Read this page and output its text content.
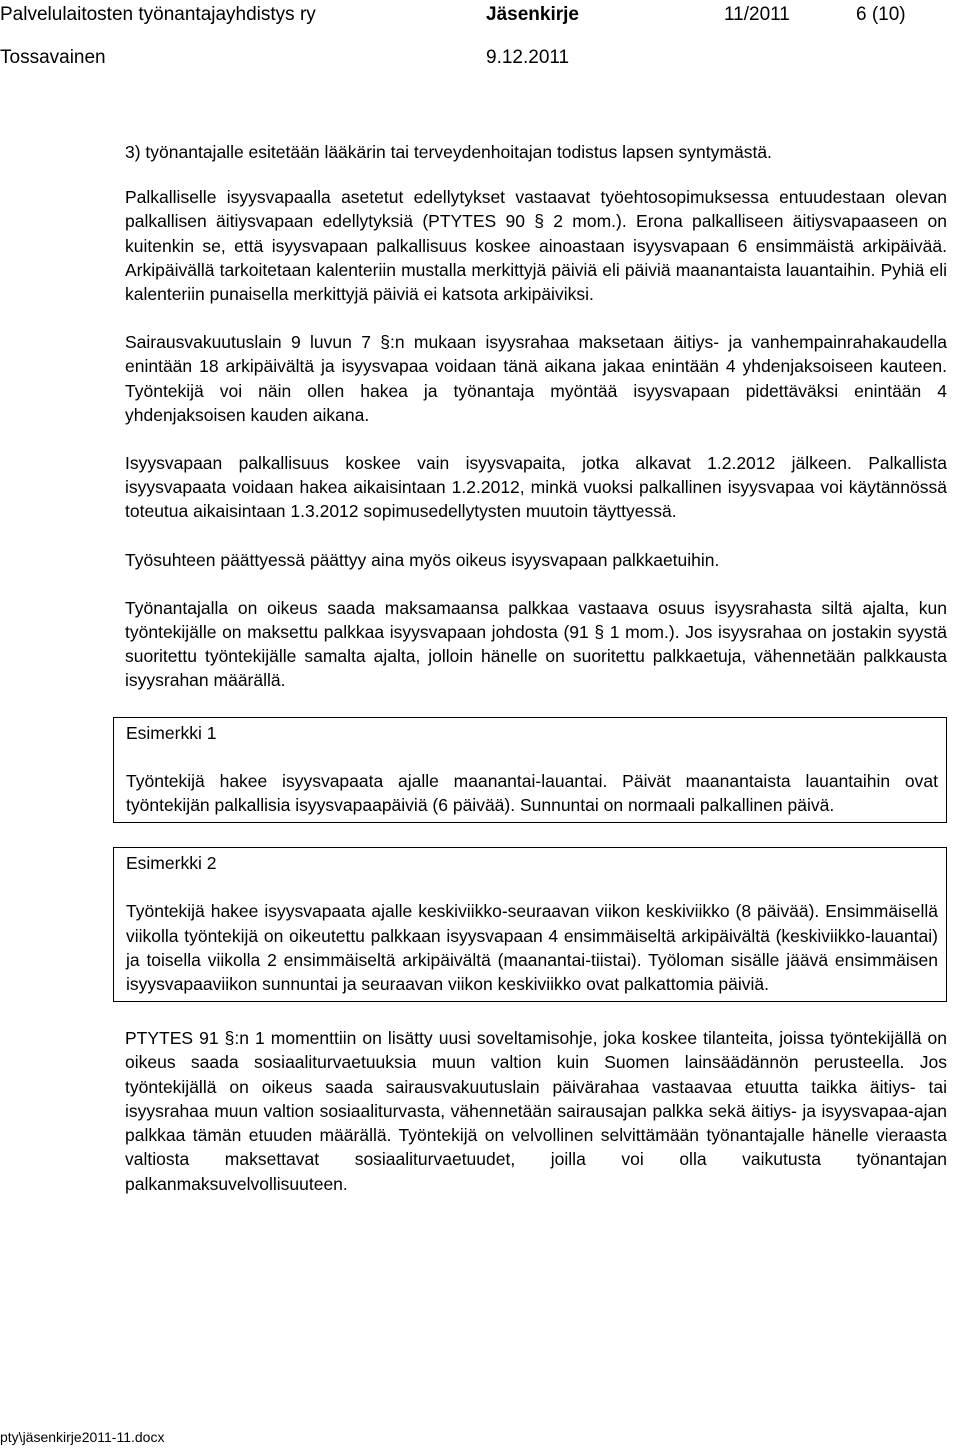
Palvelulaitosten työnantajayhdistys ry	Jäsenkirje	11/2011	6 (10)
Tossavainen	9.12.2011

3) työnantajalle esitetään lääkärin tai terveydenhoitajan todistus lapsen syntymästä.

Palkalliselle isyysvapaalla asetetut edellytykset vastaavat työehtosopimuksessa entuudestaan olevan palkallisen äitiysvapaan edellytyksiä (PTYTES 90 § 2 mom.). Erona palkalliseen äitiysvapaaseen on kuitenkin se, että isyysvapaan palkallisuus koskee ainoastaan isyysvapaan 6 ensimmäistä arkipäivää. Arkipäivällä tarkoitetaan kalenteriin mustalla merkittyjä päiviä eli päiviä maanantaista lauantaihin. Pyhiä eli kalenteriin punaisella merkittyjä päiviä ei katsota arkipäiviksi.

Sairausvakuutuslain 9 luvun 7 §:n mukaan isyysrahaa maksetaan äitiys- ja vanhempainrahakaudella enintään 18 arkipäivältä ja isyysvapaa voidaan tänä aikana jakaa enintään 4 yhdenjaksoiseen kauteen. Työntekijä voi näin ollen hakea ja työnantaja myöntää isyysvapaan pidettäväksi enintään 4 yhdenjaksoisen kauden aikana.

Isyysvapaan palkallisuus koskee vain isyysvapaita, jotka alkavat 1.2.2012 jälkeen. Palkallista isyysvapaata voidaan hakea aikaisintaan 1.2.2012, minkä vuoksi palkallinen isyysvapaa voi käytännössä toteutua aikaisintaan 1.3.2012 sopimusedellytysten muutoin täyttyessä.

Työsuhteen päättyessä päättyy aina myös oikeus isyysvapaan palkkaetuihin.

Työnantajalla on oikeus saada maksamaansa palkkaa vastaava osuus isyysrahasta siltä ajalta, kun työntekijälle on maksettu palkkaa isyysvapaan johdosta (91 § 1 mom.). Jos isyysrahaa on jostakin syystä suoritettu työntekijälle samalta ajalta, jolloin hänelle on suoritettu palkkaetuja, vähennetään palkkausta isyysrahan määrällä.

Esimerkki 1

Työntekijä hakee isyysvapaata ajalle maanantai-lauantai. Päivät maanantaista lauantaihin ovat työntekijän palkallisia isyysvapaapäiviä (6 päivää). Sunnuntai on normaali palkallinen päivä.

Esimerkki 2

Työntekijä hakee isyysvapaata ajalle keskiviikko-seuraavan viikon keskiviikko (8 päivää). Ensimmäisellä viikolla työntekijä on oikeutettu palkkaan isyysvapaan 4 ensimmäiseltä arkipäivältä (keskiviikko-lauantai) ja toisella viikolla 2 ensimmäiseltä arkipäivältä (maanantai-tiistai). Työloman sisälle jäävä ensimmäisen isyysvapaaviikon sunnuntai ja seuraavan viikon keskiviikko ovat palkattomia päiviä.

PTYTES 91 §:n 1 momenttiin on lisätty uusi soveltamisohje, joka koskee tilanteita, joissa työntekijällä on oikeus saada sosiaaliturvaetuuksia muun valtion kuin Suomen lainsäädännön perusteella. Jos työntekijällä on oikeus saada sairausvakuutuslain päivärahaa vastaavaa etuutta taikka äitiys- tai isyysrahaa muun valtion sosiaaliturvasta, vähennetään sairausajan palkka sekä äitiys- ja isyysvapaa-ajan palkkaa tämän etuuden määrällä. Työntekijä on velvollinen selvittämään työnantajalle hänelle vieraasta valtiosta maksettavat sosiaaliturvaetuudet, joilla voi olla vaikutusta työnantajan palkanmaksuvelvollisuuteen.

pty\jäsenkirje2011-11.docx
